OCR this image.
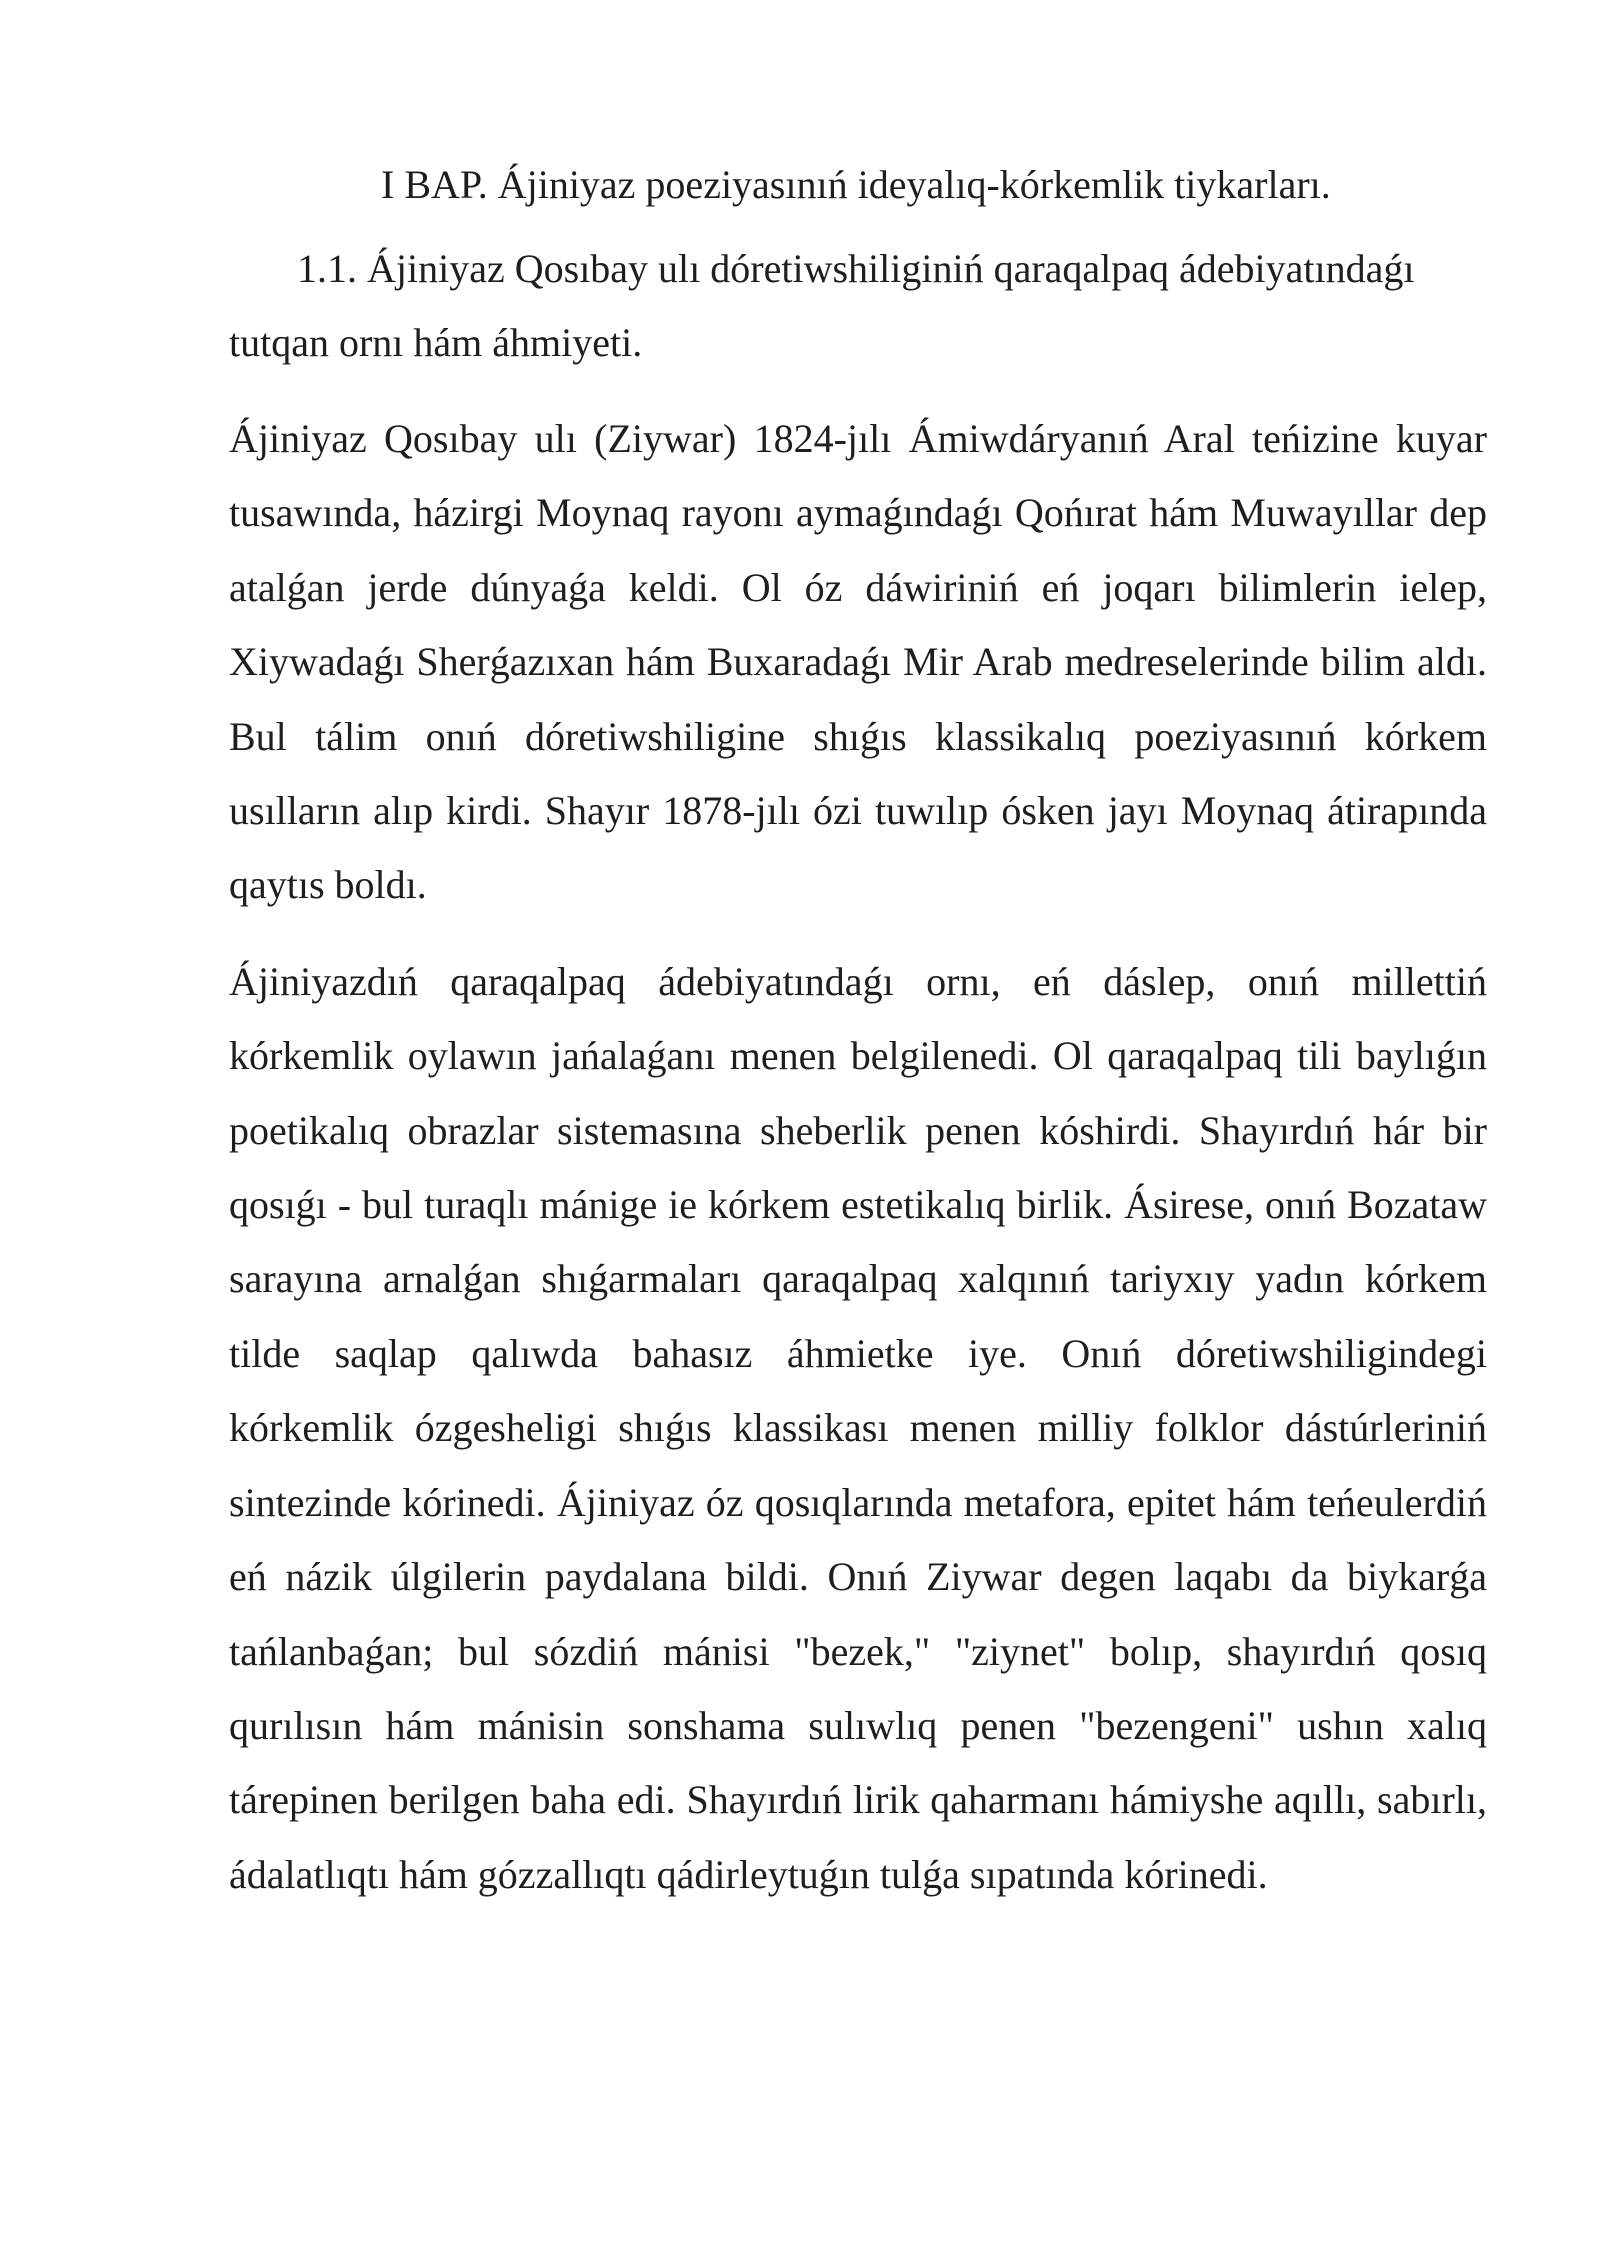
I BAP. Ájiniyaz poeziyasınıń ideyalıq-kórkemlik tiykarları.
1.1. Ájiniyaz Qosıbay ulı dóretiwshiliginiń qaraqalpaq ádebiyatındaǵı tutqan ornı hám áhmiyeti.

Ájiniyaz Qosıbay ulı (Ziywar) 1824-jılı Ámiwdáryanıń Aral teńizine kuyar tusawında, házirgi Moynaq rayonı aymaǵındaǵı Qońırat hám Muwayıllar dep atalǵan jerde dúnyaǵa keldi. Ol óz dáwiriniń eń joqarı bilimlerin ielep, Xiywadaǵı Sherǵazıxan hám Buxaradaǵı Mir Arab medreselerinde bilim aldı. Bul tálim onıń dóretiwshiligine shıǵıs klassikalıq poeziyasınıń kórkem usılların alıp kirdi. Shayır 1878-jılı ózi tuwılıp ósken jayı Moynaq átirapında qaytıs boldı.

Ájiniyazdıń qaraqalpaq ádebiyatındaǵı ornı, eń dáslep, onıń millettiń kórkemlik oylawın jańalaǵanı menen belgilenedi. Ol qaraqalpaq tili baylıǵın poetikalıq obrazlar sistemasına sheberlik penen kóshirdi. Shayırdıń hár bir qosıǵı - bul turaqlı mánige ie kórkem estetikalıq birlik. Ásirese, onıń Bozataw sarayına arnalǵan shıǵarmaları qaraqalpaq xalqınıń tariyxıy yadın kórkem tilde saqlap qalıwda bahasız áhmietke iye. Onıń dóretiwshiligindegi kórkemlik ózgesheligi shıǵıs klassikası menen milliy folklor dástúrleriniń sintezinde kórinedi. Ájiniyaz óz qosıqlarında metafora, epitet hám teńeulerdiń eń názik úlgilerin paydalana bildi. Onıń Ziywar degen laqabı da biykarǵa tańlanbaǵan; bul sózdiń mánisi "bezek," "ziynet" bolıp, shayırdıń qosıq qurılısın hám mánisin sonshama sulıwlıq penen "bezengeni" ushın xalıq tárepinen berilgen baha edi. Shayırdıń lirik qaharmanı hámiyshe aqıllı, sabırlı, ádalatlıqtı hám gózzallıqtı qádirleytuǵın tulǵa sıpatında kórinedi.
